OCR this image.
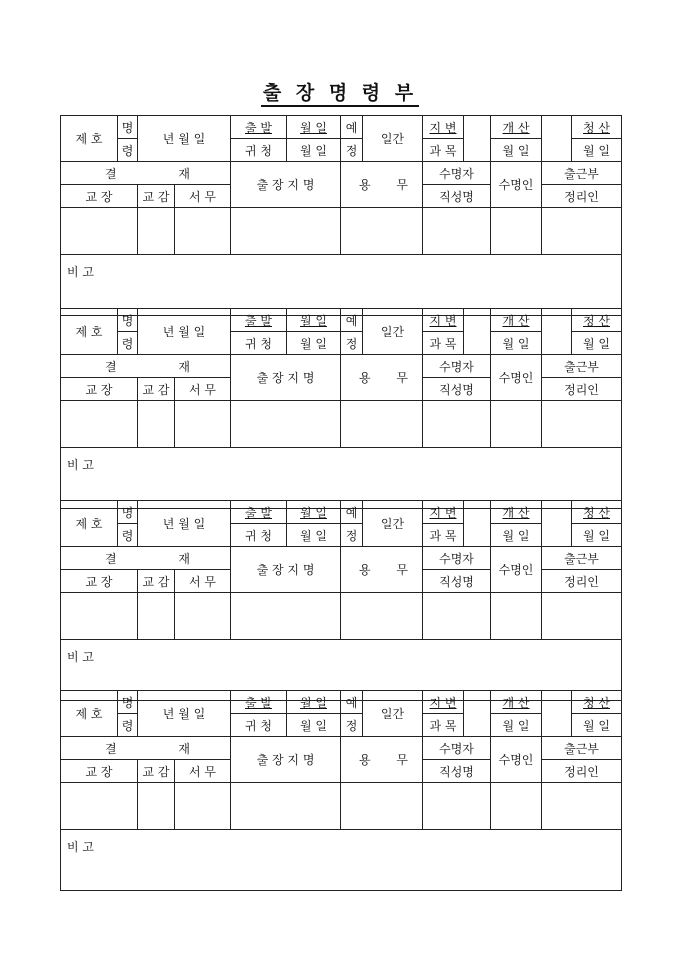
출 장 명 령 부
제 호	명	년 월 일		출 발	월 일	예	일간	지 변		개 산		청 산
	령			귀 청	월 일	정		과 목		월 일		월 일

결 재				출 장 지 명		용 무		수명자		수명인	출근부	
교 장		교 감	서 무					직성명			정리인	

비 고												
제 호	명	년 월 일		출 발	월 일	예	일간	지 변		개 산		청 산
	령			귀 청	월 일	정		과 목		월 일		월 일

결 재				출 장 지 명		용 무		수명자		수명인	출근부	
교 장		교 감	서 무					직성명			정리인	

비 고												
제 호	명	년 월 일		출 발	월 일	예	일간	지 변		개 산		청 산
	령			귀 청	월 일	정		과 목		월 일		월 일

결 재				출 장 지 명		용 무		수명자		수명인	출근부	
교 장		교 감	서 무					직성명			정리인	

비 고												
제 호	명	년 월 일		출 발	월 일	예	일간	지 변		개 산		청 산
	령			귀 청	월 일	정		과 목		월 일		월 일

결 재				출 장 지 명		용 무		수명자		수명인	출근부	
교 장		교 감	서 무					직성명			정리인	

비 고												
